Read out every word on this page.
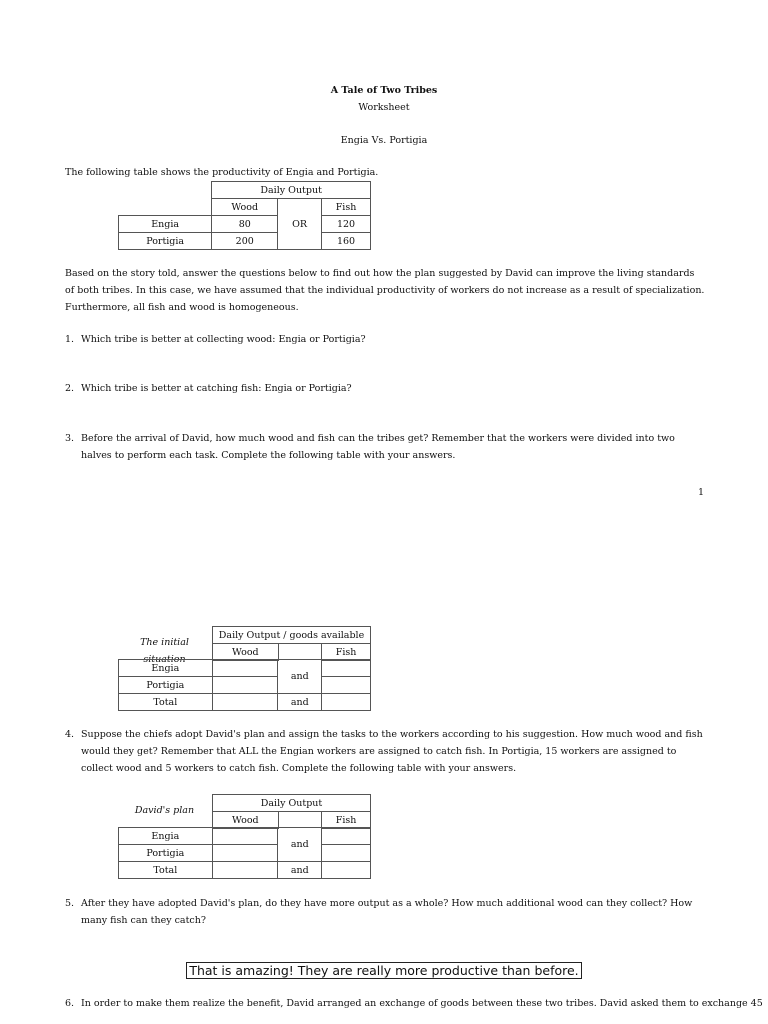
A Tale of Two Tribes
Worksheet
Engia Vs. Portigia
The following table shows the productivity of Engia and Portigia.
	Daily Output		
	Wood		Fish
Engia	80	OR	120
Portigia	200		160
Based on the story told, answer the questions below to find out how the plan suggested by David can improve the living standards of both tribes. In this case, we have assumed that the individual productivity of workers do not increase as a result of specialization. Furthermore, all fish and wood is homogeneous.
1. Which tribe is better at collecting wood: Engia or Portigia?
2. Which tribe is better at catching fish: Engia or Portigia?
3. Before the arrival of David, how much wood and fish can the tribes get? Remember that the workers were divided into two halves to perform each task. Complete the following table with your answers.
1
The initial situation
Daily Output / goods available
Wood		Fish
Engia		and	
Portigia			
Total		and	
4. Suppose the chiefs adopt David's plan and assign the tasks to the workers according to his suggestion. How much wood and fish would they get? Remember that ALL the Engian workers are assigned to catch fish. In Portigia, 15 workers are assigned to collect wood and 5 workers to catch fish. Complete the following table with your answers.
David's plan
Daily Output
Wood		Fish
Engia		and	
Portigia			
Total		and	
5. After they have adopted David's plan, do they have more output as a whole? How much additional wood can they collect? How many fish can they catch?
That is amazing! They are really more productive than before.
6. In order to make them realize the benefit, David arranged an exchange of goods between these two tribes. David asked them to exchange 45
